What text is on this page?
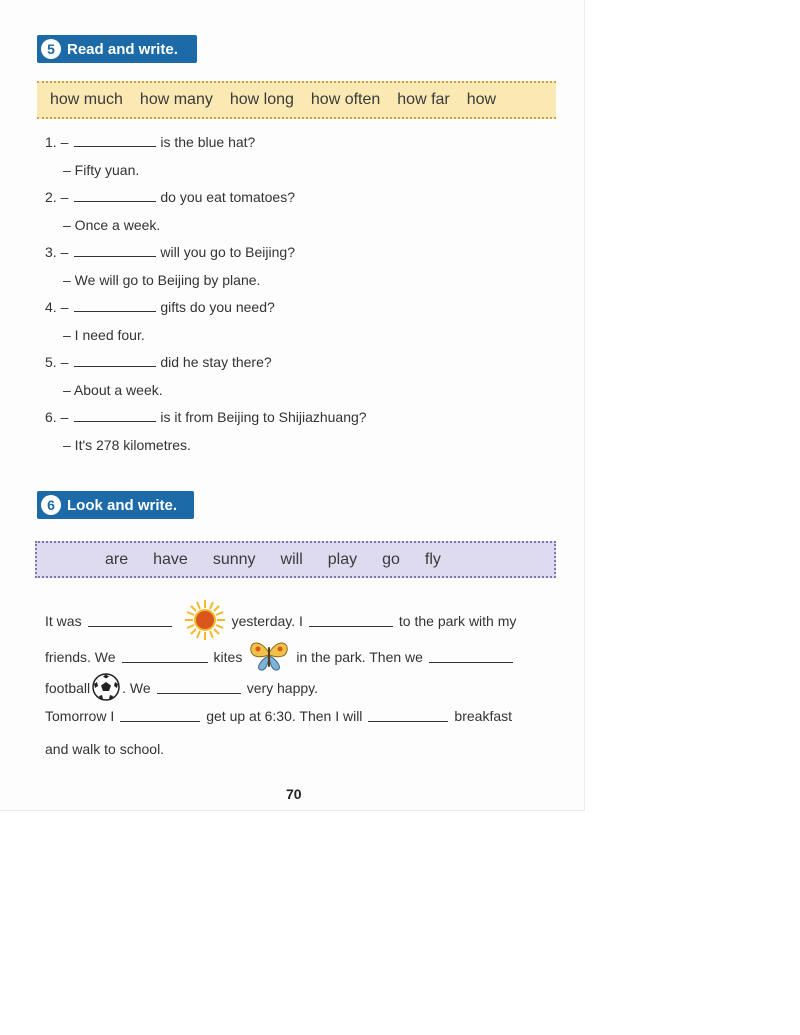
5 Read and write.
how much how many how long how often how far how
1. –	is the blue hat?
– Fifty yuan.
2. –	do you eat tomatoes?
– Once a week.
3. –	will you go to Beijing?
– We will go to Beijing by plane.
4. –	gifts do you need?
– I need four.
5. –	did he stay there?
– About a week.
6. –	is it from Beijing to Shijiazhuang?
– It's 278 kilometres.
6 Look and write.
are have sunny will play go fly
It was	yesterday. I	to the park with my
friends. We	kites	in the park. Then we
football . We	very happy.
Tomorrow I	get up at 6:30. Then I will	breakfast
and walk to school.
70
